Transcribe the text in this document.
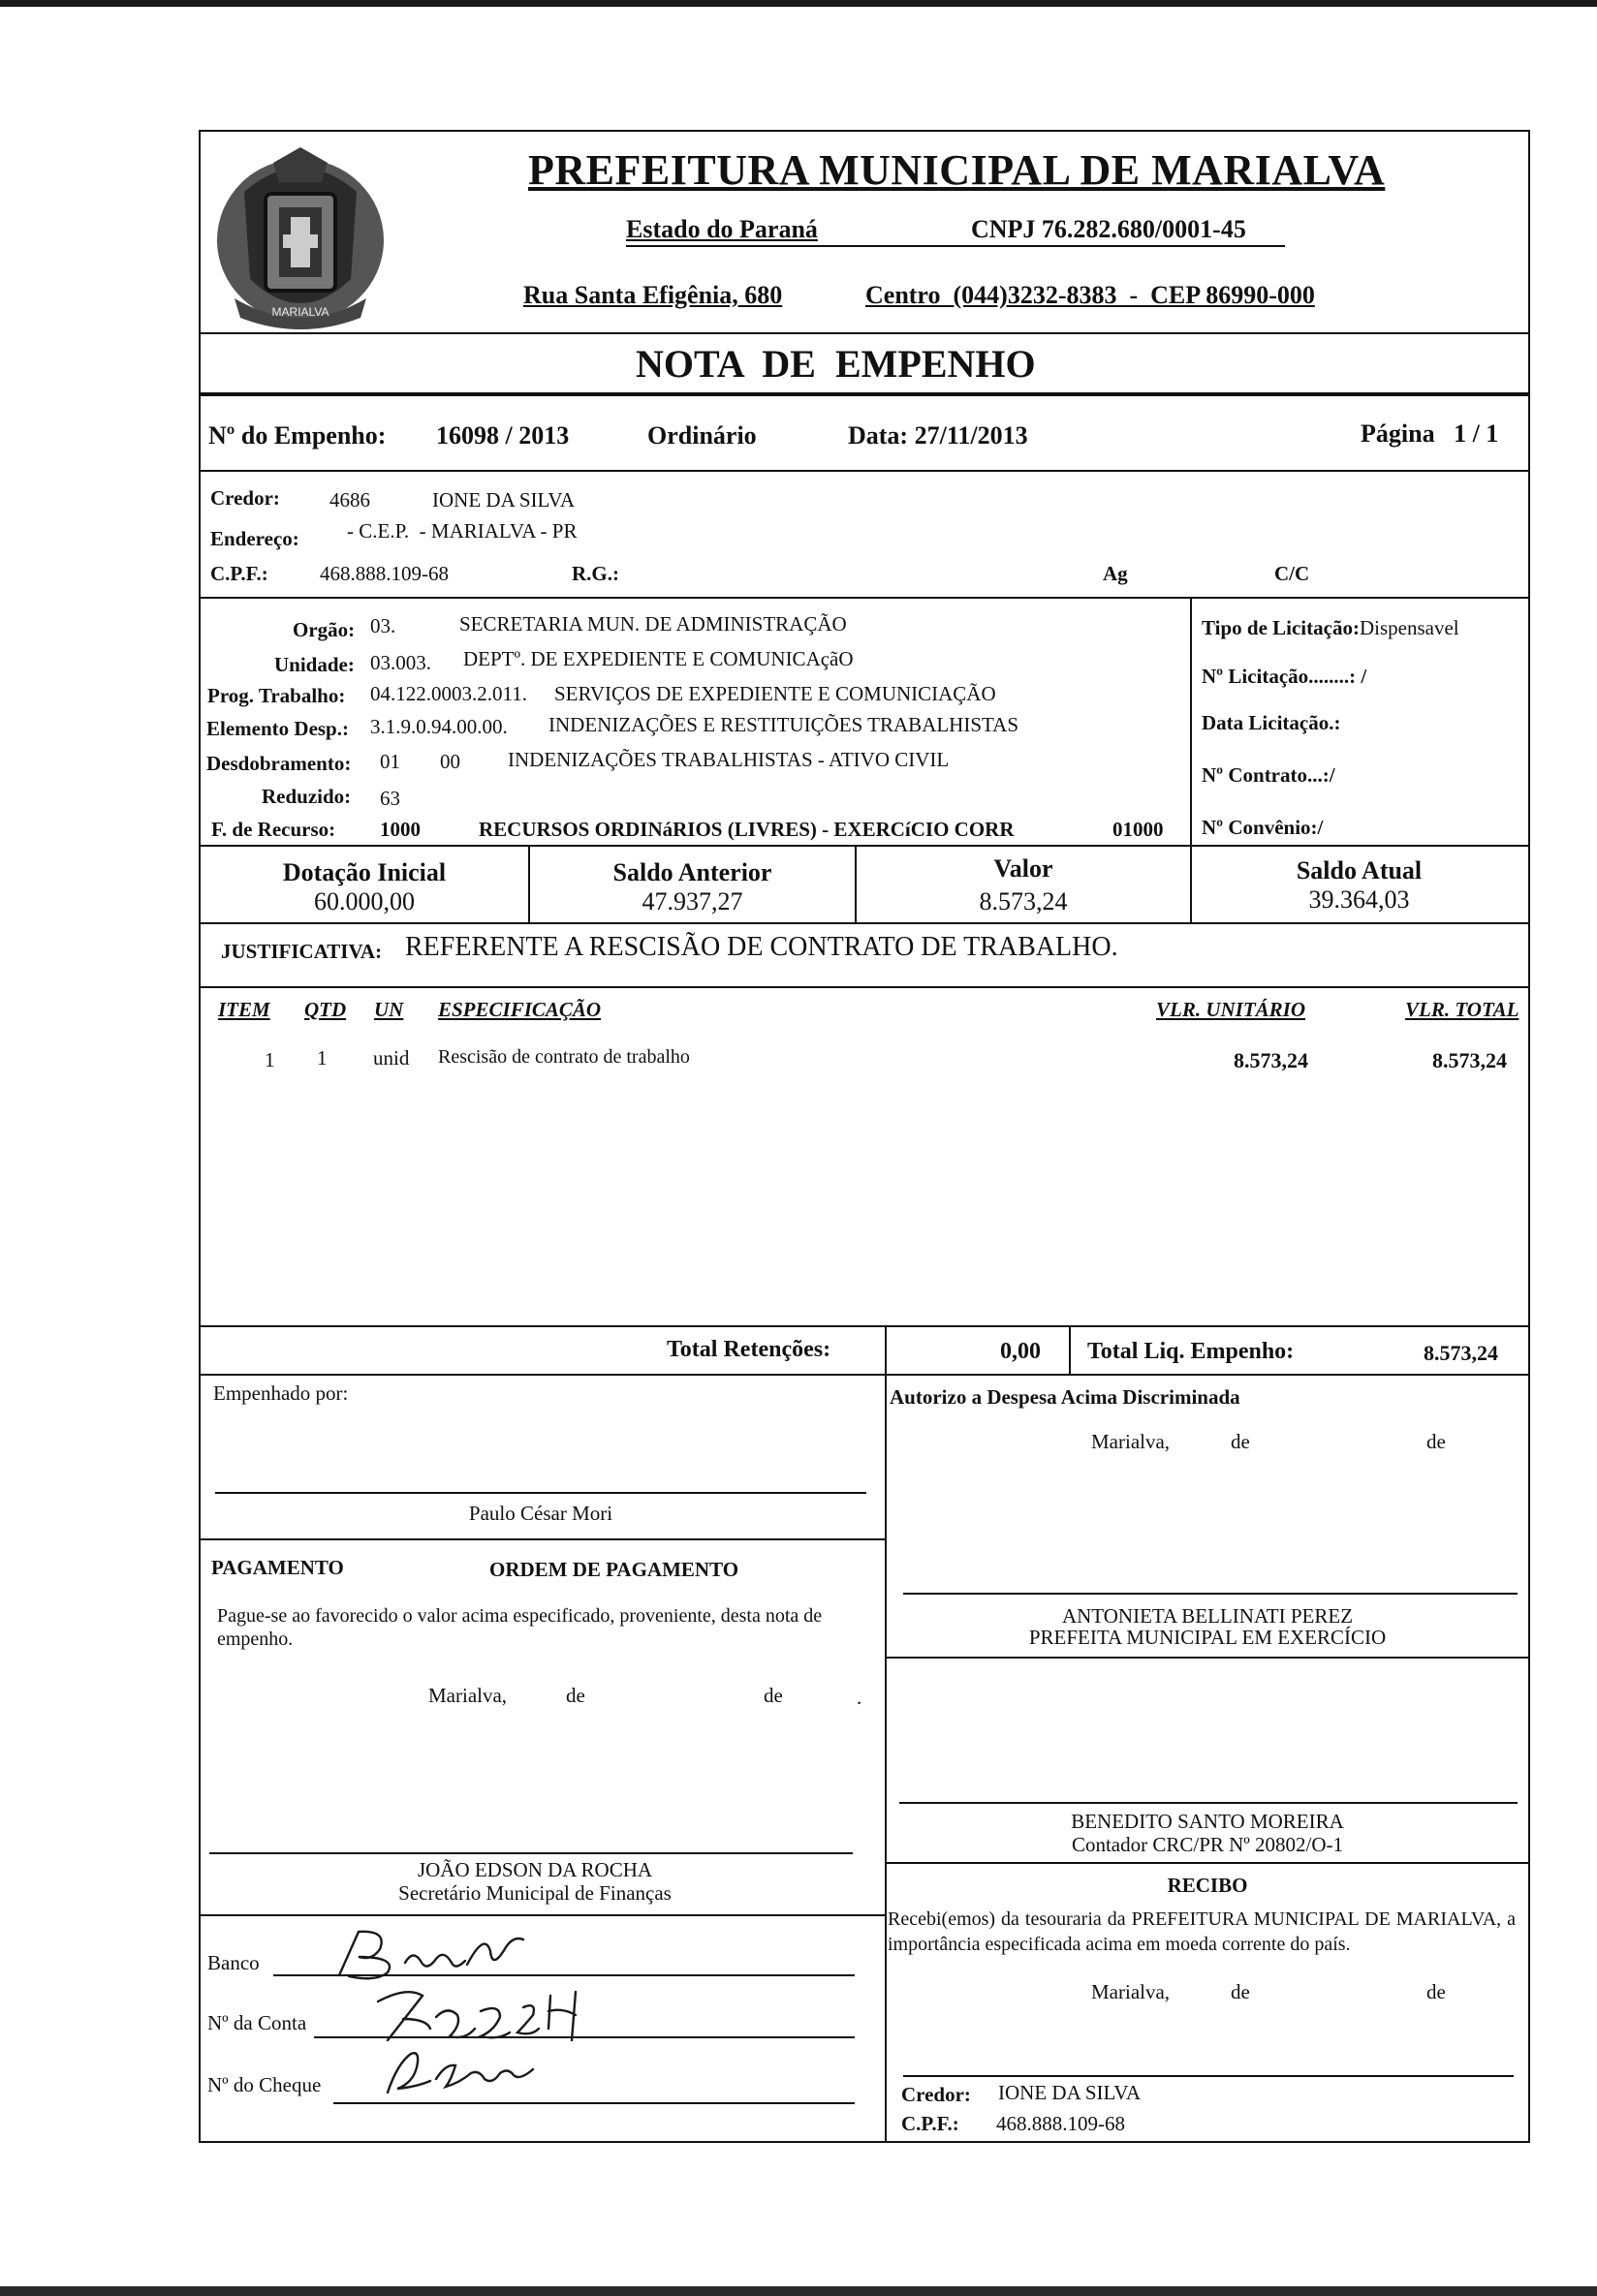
MARIALVA
PREFEITURA MUNICIPAL DE MARIALVA
Estado do Paraná	CNPJ 76.282.680/0001-45
Rua Santa Efigênia, 680	Centro  (044)3232-8383  -  CEP 86990-000
NOTA  DE  EMPENHO
Nº do Empenho: 16098 / 2013	Ordinário	Data: 27/11/2013	Página   1 / 1
Credor: 4686	IONE DA SILVA
Endereço: - C.E.P.  - MARIALVA - PR
C.P.F.:	468.888.109-68	R.G.:	Ag	C/C
Orgão: 03.	SECRETARIA MUN. DE ADMINISTRAÇÃO
Unidade: 03.003. DEPTº. DE EXPEDIENTE E COMUNICAçãO
Prog. Trabalho: 04.122.0003.2.011. SERVIÇOS DE EXPEDIENTE E COMUNICIAÇÃO
Elemento Desp.: 3.1.9.0.94.00.00. INDENIZAÇÕES E RESTITUIÇÕES TRABALHISTAS
Desdobramento: 01 00 INDENIZAÇÕES TRABALHISTAS - ATIVO CIVIL
Reduzido: 63
F. de Recurso: 1000	RECURSOS ORDINáRIOS (LIVRES) - EXERCíCIO CORR	01000
Tipo de Licitação:Dispensavel
Nº Licitação........: /
Data Licitação.:
Nº Contrato...:/
Nº Convênio:/
Dotação Inicial
60.000,00
Saldo Anterior
47.937,27
Valor
8.573,24
Saldo Atual
39.364,03
JUSTIFICATIVA: REFERENTE A RESCISÃO DE CONTRATO DE TRABALHO.
ITEM QTD UN ESPECIFICAÇÃO	VLR. UNITÁRIO	VLR. TOTAL
1 1 unid Rescisão de contrato de trabalho	8.573,24	8.573,24
Total Retenções:	0,00 Total Liq. Empenho:	8.573,24
Empenhado por:
Paulo César Mori
Autorizo a Despesa Acima Discriminada
Marialva,	de	de
ANTONIETA BELLINATI PEREZ
PREFEITA MUNICIPAL EM EXERCÍCIO
PAGAMENTO	ORDEM DE PAGAMENTO
Pague-se ao favorecido o valor acima especificado, proveniente, desta nota de empenho.
Marialva,	de	de	.
JOÃO EDSON DA ROCHA
Secretário Municipal de Finanças
Banco
Nº da Conta
Nº do Cheque
BENEDITO SANTO MOREIRA
Contador CRC/PR Nº 20802/O-1
RECIBO
Recebi(emos) da tesouraria da PREFEITURA MUNICIPAL DE MARIALVA, a importância especificada acima em moeda corrente do país.
Marialva,	de	de
Credor: IONE DA SILVA
C.P.F.: 468.888.109-68
